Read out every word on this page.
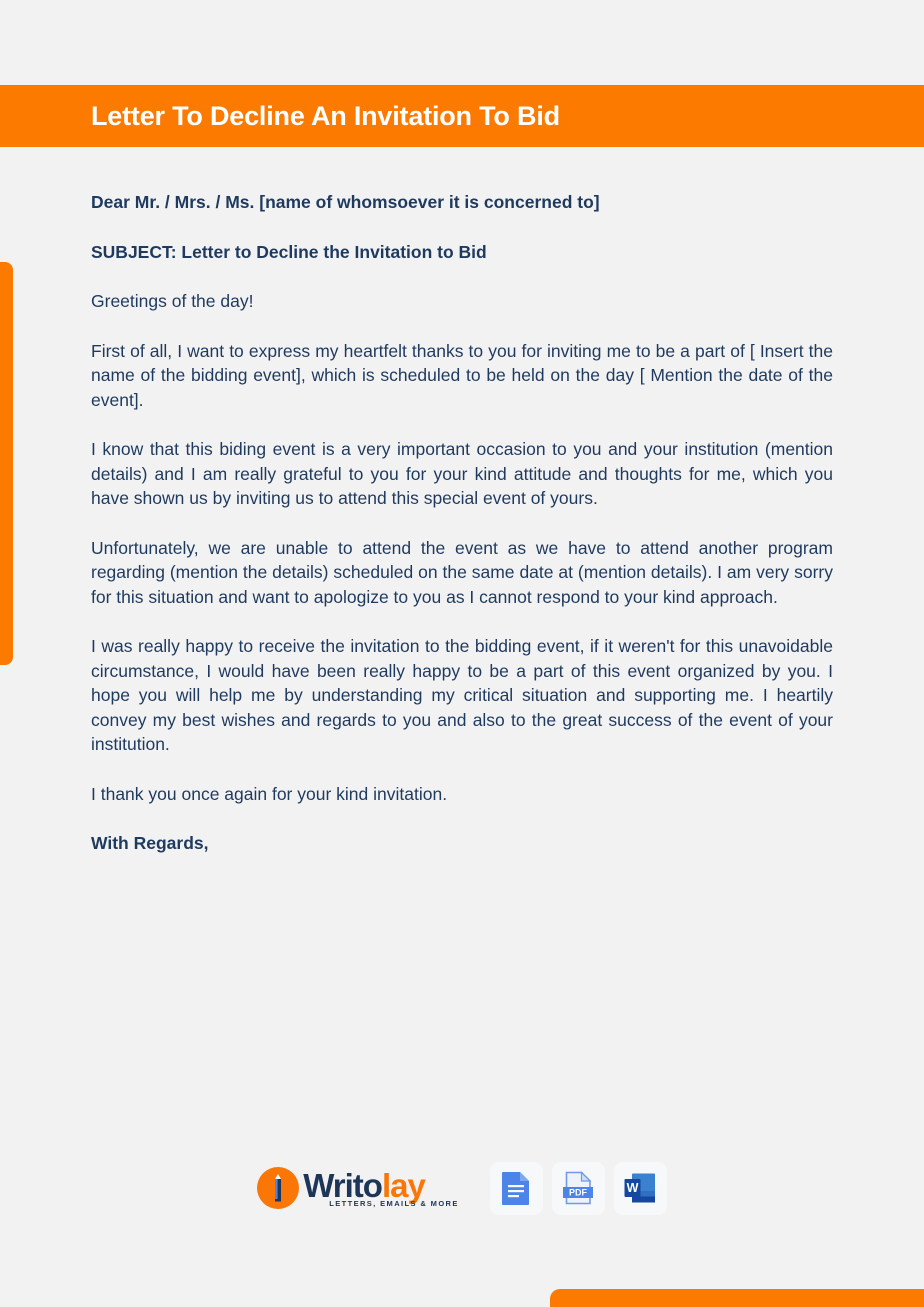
Letter To Decline An Invitation To Bid

Dear Mr. / Mrs. / Ms. [name of whomsoever it is concerned to]

SUBJECT: Letter to Decline the Invitation to Bid

Greetings of the day!

First of all, I want to express my heartfelt thanks to you for inviting me to be a part of [ Insert the name of the bidding event], which is scheduled to be held on the day [ Mention the date of the event].

I know that this biding event is a very important occasion to you and your institution (mention details) and I am really grateful to you for your kind attitude and thoughts for me, which you have shown us by inviting us to attend this special event of yours.

Unfortunately, we are unable to attend the event as we have to attend another program regarding (mention the details) scheduled on the same date at (mention details). I am very sorry for this situation and want to apologize to you as I cannot respond to your kind approach.

I was really happy to receive the invitation to the bidding event, if it weren't for this unavoidable circumstance, I would have been really happy to be a part of this event organized by you. I hope you will help me by understanding my critical situation and supporting me. I heartily convey my best wishes and regards to you and also to the great success of the event of your institution.

I thank you once again for your kind invitation.

With Regards,

Writolay
LETTERS, EMAILS & MORE
PDF	W
